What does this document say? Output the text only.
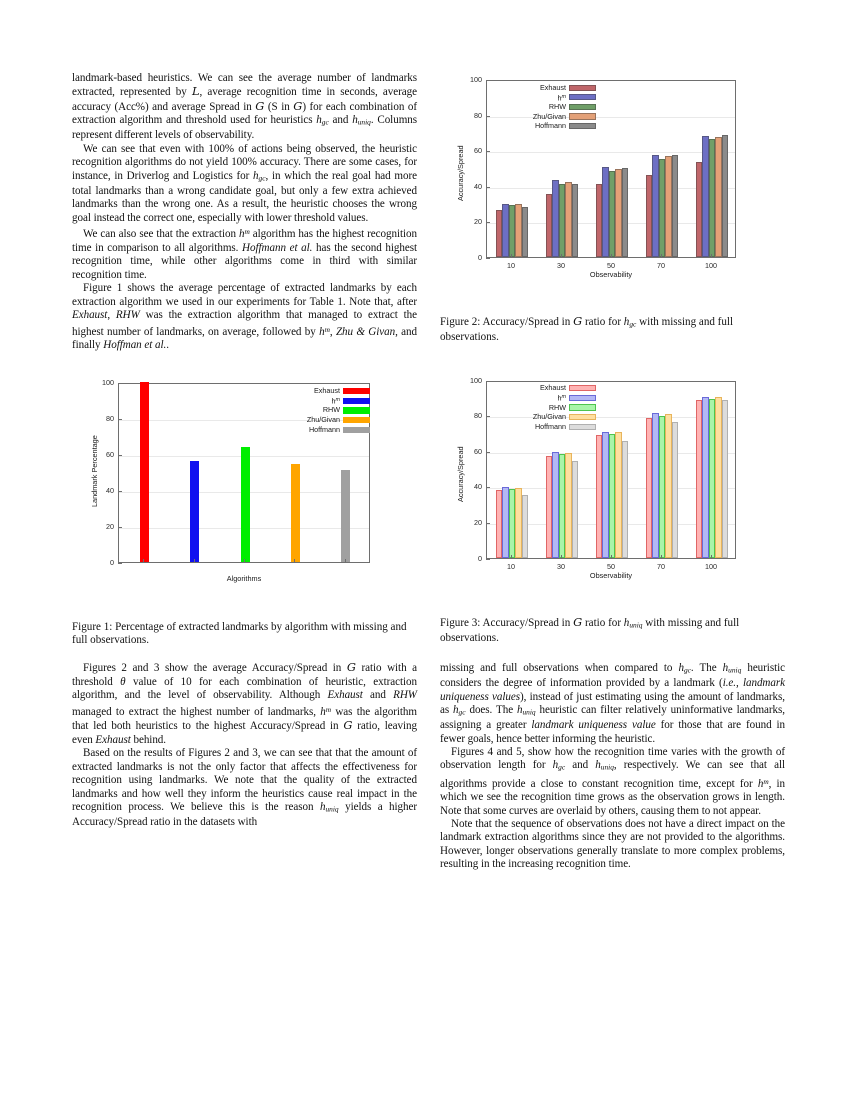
landmark-based heuristics. We can see the average number of landmarks extracted, represented by L, average recognition time in seconds, average accuracy (Acc%) and average Spread in G (S in G) for each combination of extraction algorithm and threshold used for heuristics $h_{gc}$ and $h_{uniq}$. Columns represent different levels of observability.

We can see that even with 100% of actions being observed, the heuristic recognition algorithms do not yield 100% accuracy. There are some cases, for instance, in Driverlog and Logistics for $h_{gc}$, in which the real goal had more total landmarks than a wrong candidate goal, but only a few extra achieved landmarks than the wrong one. As a result, the heuristic chooses the wrong goal instead the correct one, especially with lower threshold values.

We can also see that the extraction $h^m$ algorithm has the highest recognition time in comparison to all algorithms. Hoffmann et al. has the second highest recognition time, while other algorithms come in third with similar recognition time.

Figure 1 shows the average percentage of extracted landmarks by each extraction algorithm we used in our experiments for Table 1. Note that, after Exhaust, RHW was the extraction algorithm that managed to extract the highest number of landmarks, on average, followed by $h^m$, Zhu & Givan, and finally Hoffman et al..

0
20
40
60
80
100
Algorithms
Landmark Percentage
Exhaust
$h^m$
RHW
Zhu/Givan
Hoffmann
Figure 1: Percentage of extracted landmarks by algorithm with missing and full observations.

Figures 2 and 3 show the average Accuracy/Spread in G ratio with a threshold θ value of 10 for each combination of heuristic, extraction algorithm, and the level of observability. Although Exhaust and RHW managed to extract the highest number of landmarks, $h^m$ was the algorithm that led both heuristics to the highest Accuracy/Spread in G ratio, leaving even Exhaust behind.

Based on the results of Figures 2 and 3, we can see that that the amount of extracted landmarks is not the only factor that affects the effectiveness for recognition using landmarks. We note that the quality of the extracted landmarks and how well they inform the heuristics cause real impact in the recognition process. We believe this is the reason $h_{uniq}$ yields a higher Accuracy/Spread ratio in the datasets with

0
20
40
60
80
100
10	30	50	70	100
Observability
Accuracy/Spread
Exhaust
$h^m$
RHW
Zhu/Givan
Hoffmann
Figure 2: Accuracy/Spread in G ratio for $h_{gc}$ with missing and full observations.
0
20
40
60
80
100
10	30	50	70	100
Observability
Accuracy/Spread
Exhaust
$h^m$
RHW
Zhu/Givan
Hoffmann
Figure 3: Accuracy/Spread in G ratio for $h_{uniq}$ with missing and full observations.

missing and full observations when compared to $h_{gc}$. The $h_{uniq}$ heuristic considers the degree of information provided by a landmark (i.e., landmark uniqueness values), instead of just estimating using the amount of landmarks, as $h_{gc}$ does. The $h_{uniq}$ heuristic can filter relatively uninformative landmarks, assigning a greater landmark uniqueness value for those that are found in fewer goals, hence better informing the heuristic.

Figures 4 and 5, show how the recognition time varies with the growth of observation length for $h_{gc}$ and $h_{uniq}$, respectively. We can see that all algorithms provide a close to constant recognition time, except for $h^m$, in which we see the recognition time grows as the observation grows in length. Note that some curves are overlaid by others, causing them to not appear.

Note that the sequence of observations does not have a direct impact on the landmark extraction algorithms since they are not provided to the algorithms. However, longer observations generally translate to more complex problems, resulting in the increasing recognition time.
